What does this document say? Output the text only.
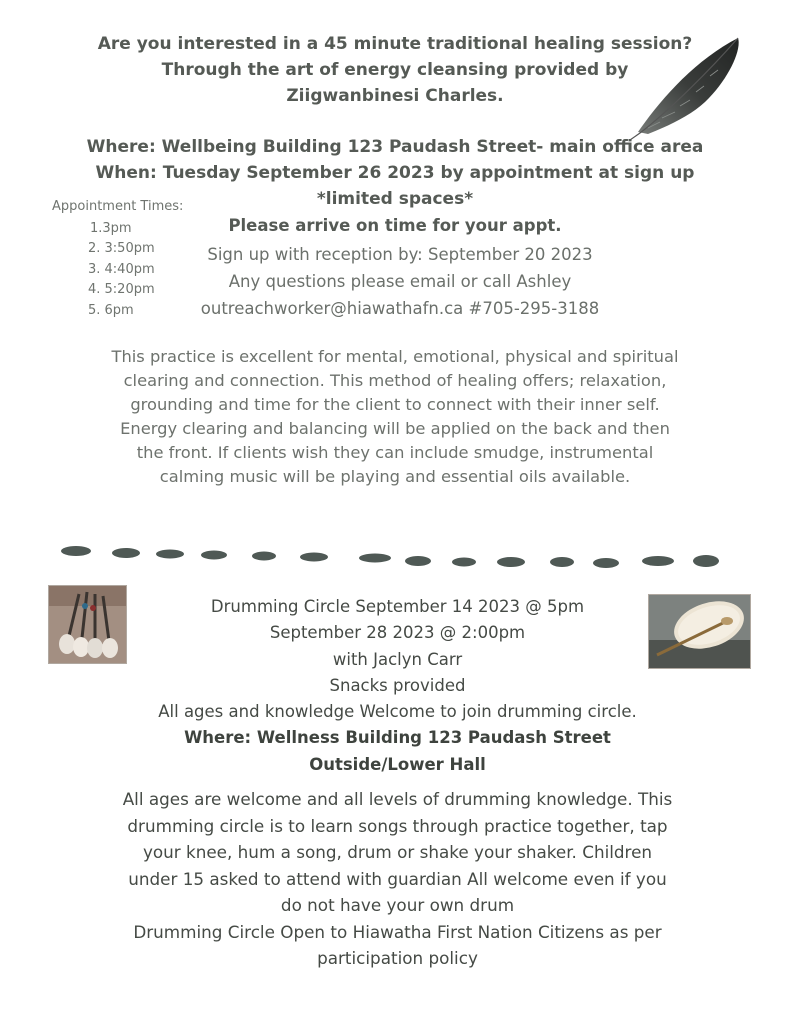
Are you interested in a 45 minute traditional healing session?
Through the art of energy cleansing provided by
Ziigwanbinesi Charles.
Where: Wellbeing Building 123 Paudash Street- main office area
When: Tuesday September 26 2023 by appointment at sign up
*limited spaces*
Appointment Times:
1.3pm
2. 3:50pm
3. 4:40pm
4. 5:20pm
5. 6pm
Please arrive on time for your appt.
Sign up with reception by: September 20 2023
Any questions please email or call Ashley
outreachworker@hiawathafn.ca #705-295-3188
This practice is excellent for mental, emotional, physical and spiritual
clearing and connection. This method of healing offers; relaxation,
grounding and time for the client to connect with their inner self.
Energy clearing and balancing will be applied on the back and then
the front. If clients wish they can include smudge, instrumental
calming music will be playing and essential oils available.
Drumming Circle September 14 2023 @ 5pm
September 28 2023 @ 2:00pm
with Jaclyn Carr
Snacks provided
All ages and knowledge Welcome to join drumming circle.
Where: Wellness Building 123 Paudash Street
Outside/Lower Hall
All ages are welcome and all levels of drumming knowledge. This
drumming circle is to learn songs through practice together, tap
your knee, hum a song, drum or shake your shaker. Children
under 15 asked to attend with guardian All welcome even if you
do not have your own drum
Drumming Circle Open to Hiawatha First Nation Citizens as per
participation policy
